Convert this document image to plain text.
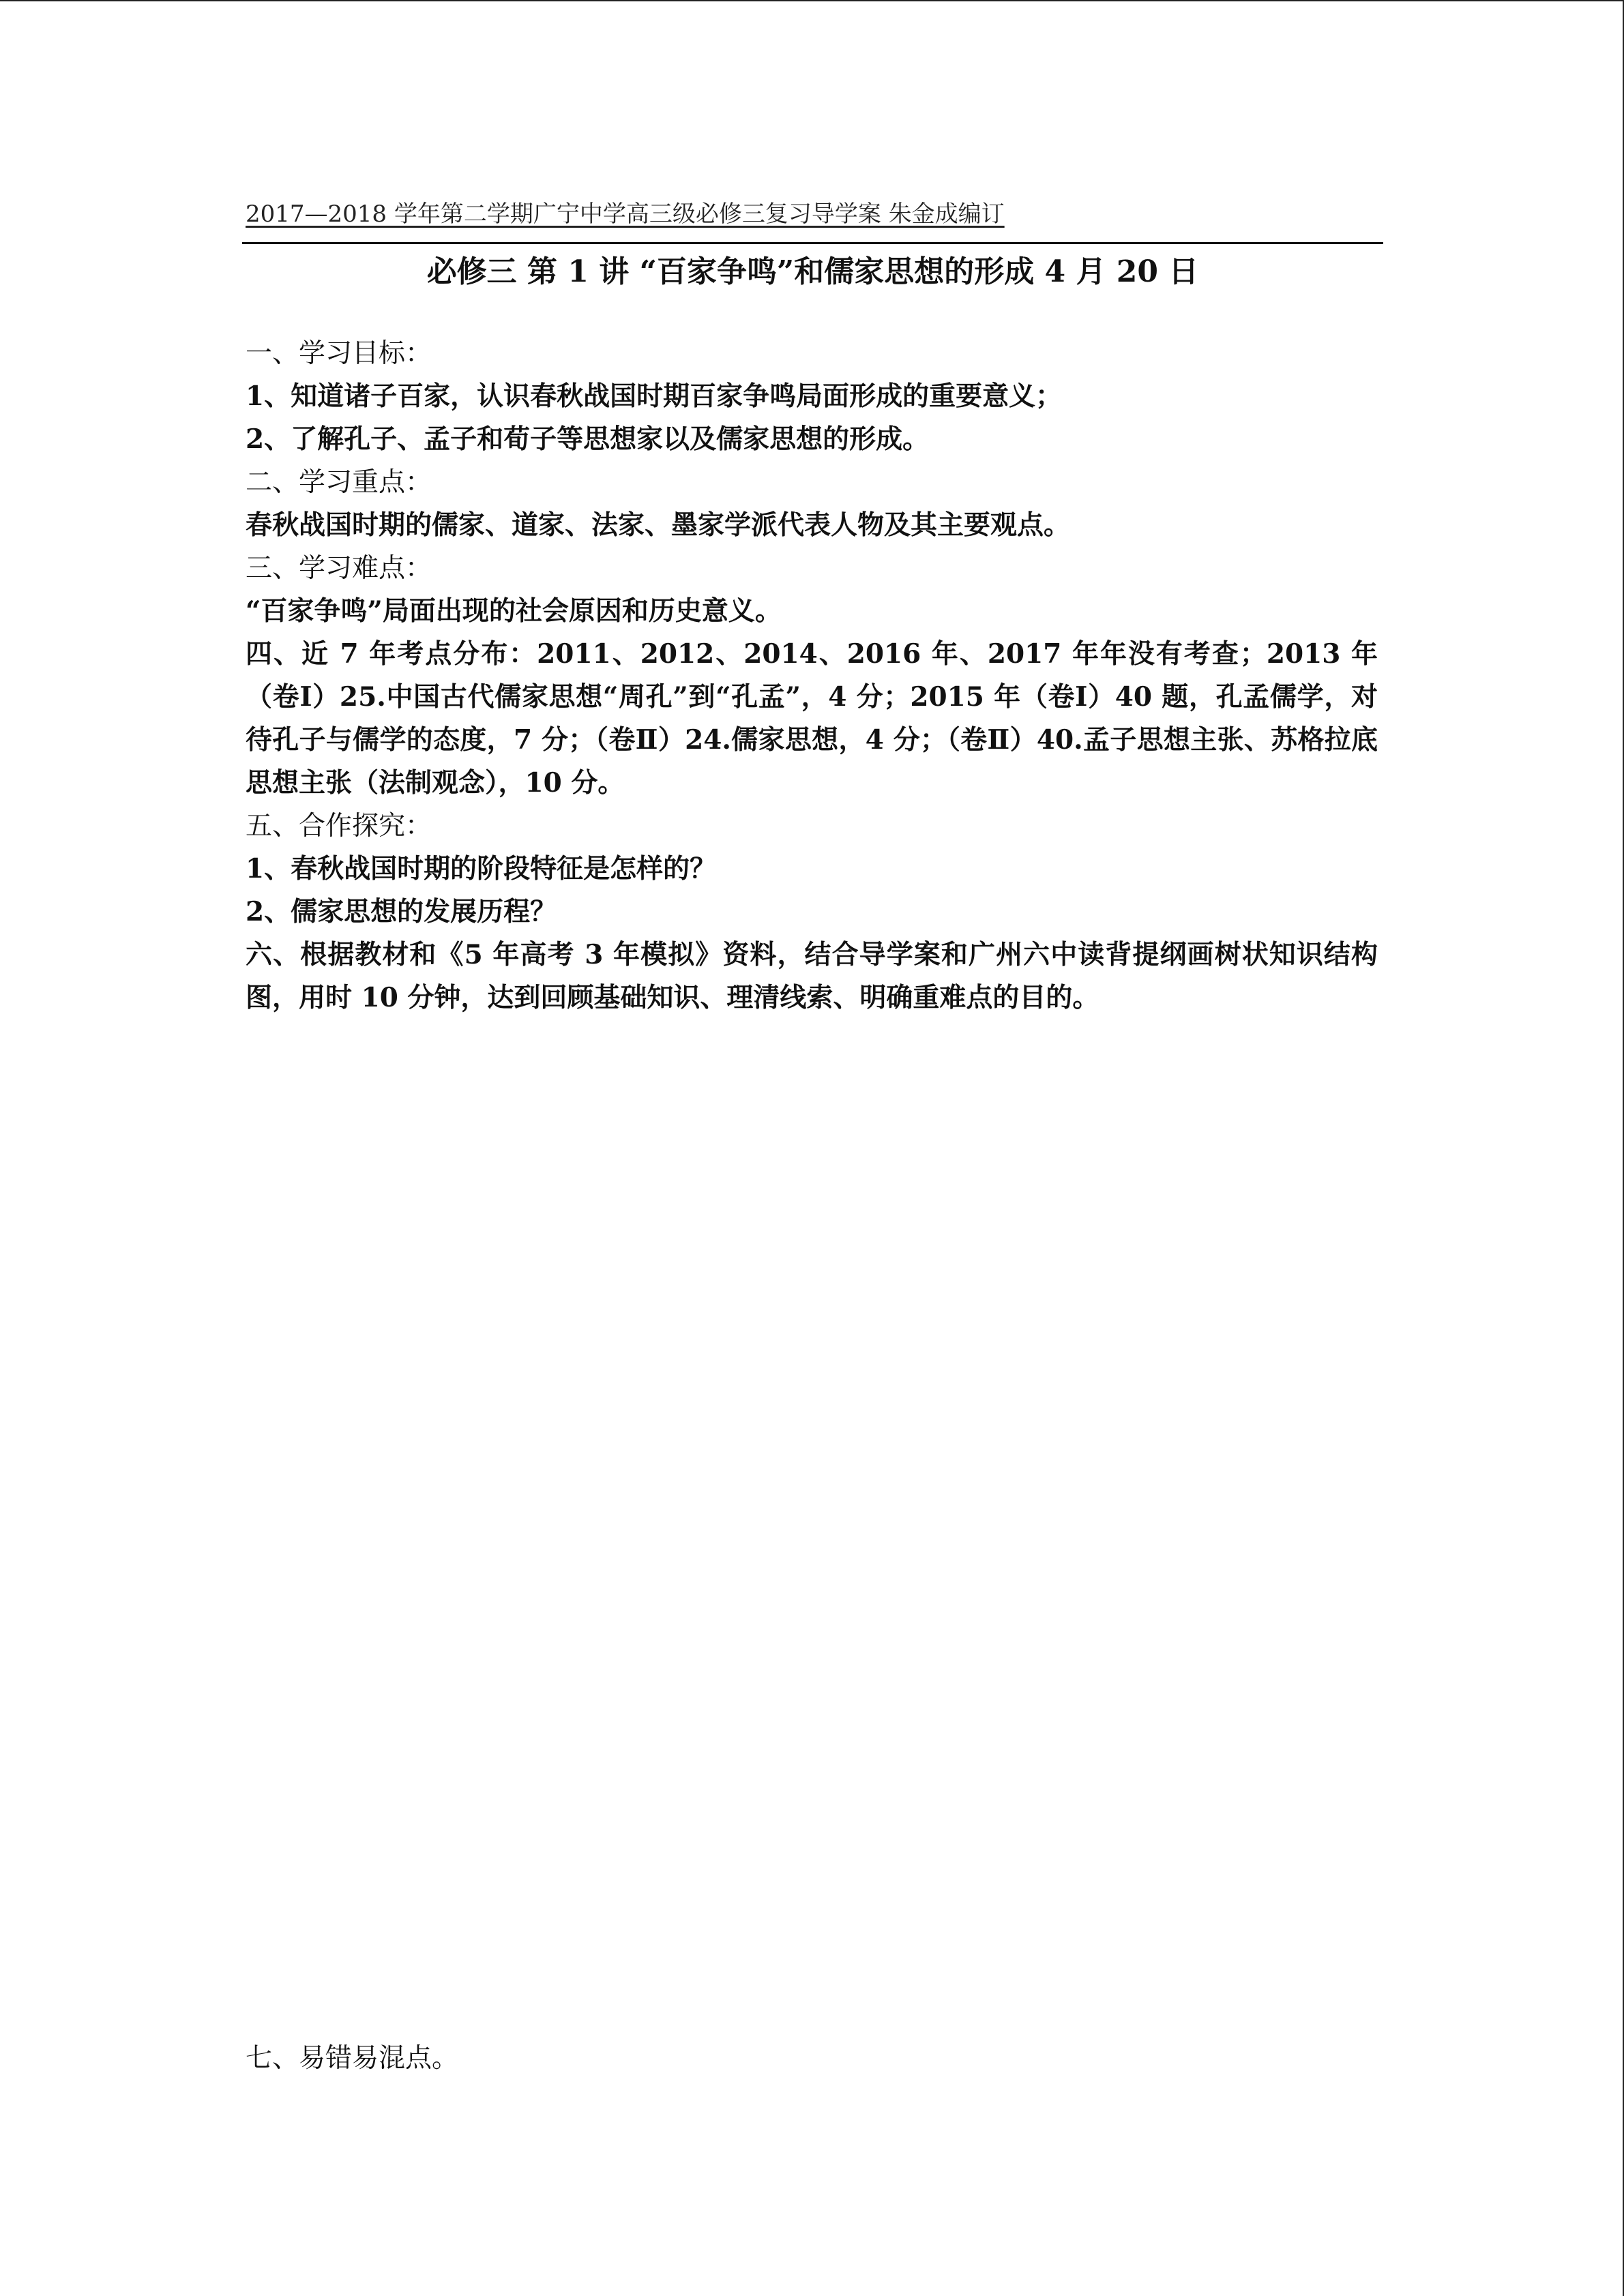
2017—2018 学年第二学期广宁中学高三级必修三复习导学案 朱金成编订
必修三 第 1 讲 “百家争鸣”和儒家思想的形成 4 月 20 日
一、学习目标：
1、知道诸子百家，认识春秋战国时期百家争鸣局面形成的重要意义；
2、了解孔子、孟子和荀子等思想家以及儒家思想的形成。
二、学习重点：
春秋战国时期的儒家、道家、法家、墨家学派代表人物及其主要观点。
三、学习难点：
“百家争鸣”局面出现的社会原因和历史意义。
四、近 7 年考点分布：2011、2012、2014、2016 年、2017 年年没有考查；2013 年（卷Ⅰ）25.中国古代儒家思想“周孔”到“孔孟”，4 分；2015 年（卷Ⅰ）40 题，孔孟儒学，对待孔子与儒学的态度，7 分；（卷Ⅱ）24.儒家思想，4 分；（卷Ⅱ）40.孟子思想主张、苏格拉底思想主张（法制观念），10 分。
五、合作探究：
1、春秋战国时期的阶段特征是怎样的？
2、儒家思想的发展历程？
六、根据教材和《5 年高考 3 年模拟》资料，结合导学案和广州六中读背提纲画树状知识结构图，用时 10 分钟，达到回顾基础知识、理清线索、明确重难点的目的。
七、易错易混点。
